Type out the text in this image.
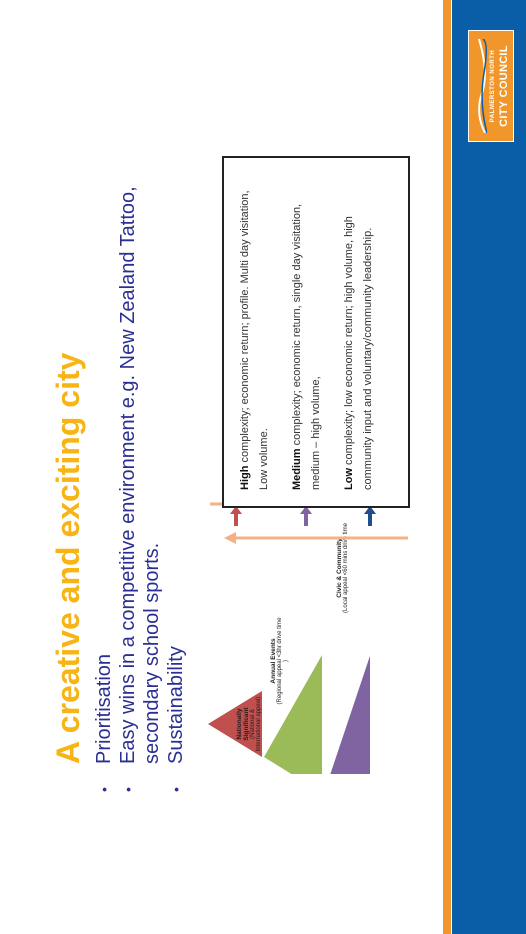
A creative and exciting city
•
Prioritisation
•
Easy wins in a competitive environment e.g. New Zealand Tattoo, secondary school sports.
•
Sustainability	Nationally Significant (National & International appeal)
Annual Events (Regional appeal <3hr drive time )
Civic & Community (Local appeal <60 mins drive time

High complexity; economic return; profile. Multi day visitation, Low volume.	Medium complexity; economic return, single day visitation, medium – high volume,	Low complexity; low economic return; high volume, high community input and voluntary/community leadership.

PALMERSTON NORTH CITY COUNCIL
